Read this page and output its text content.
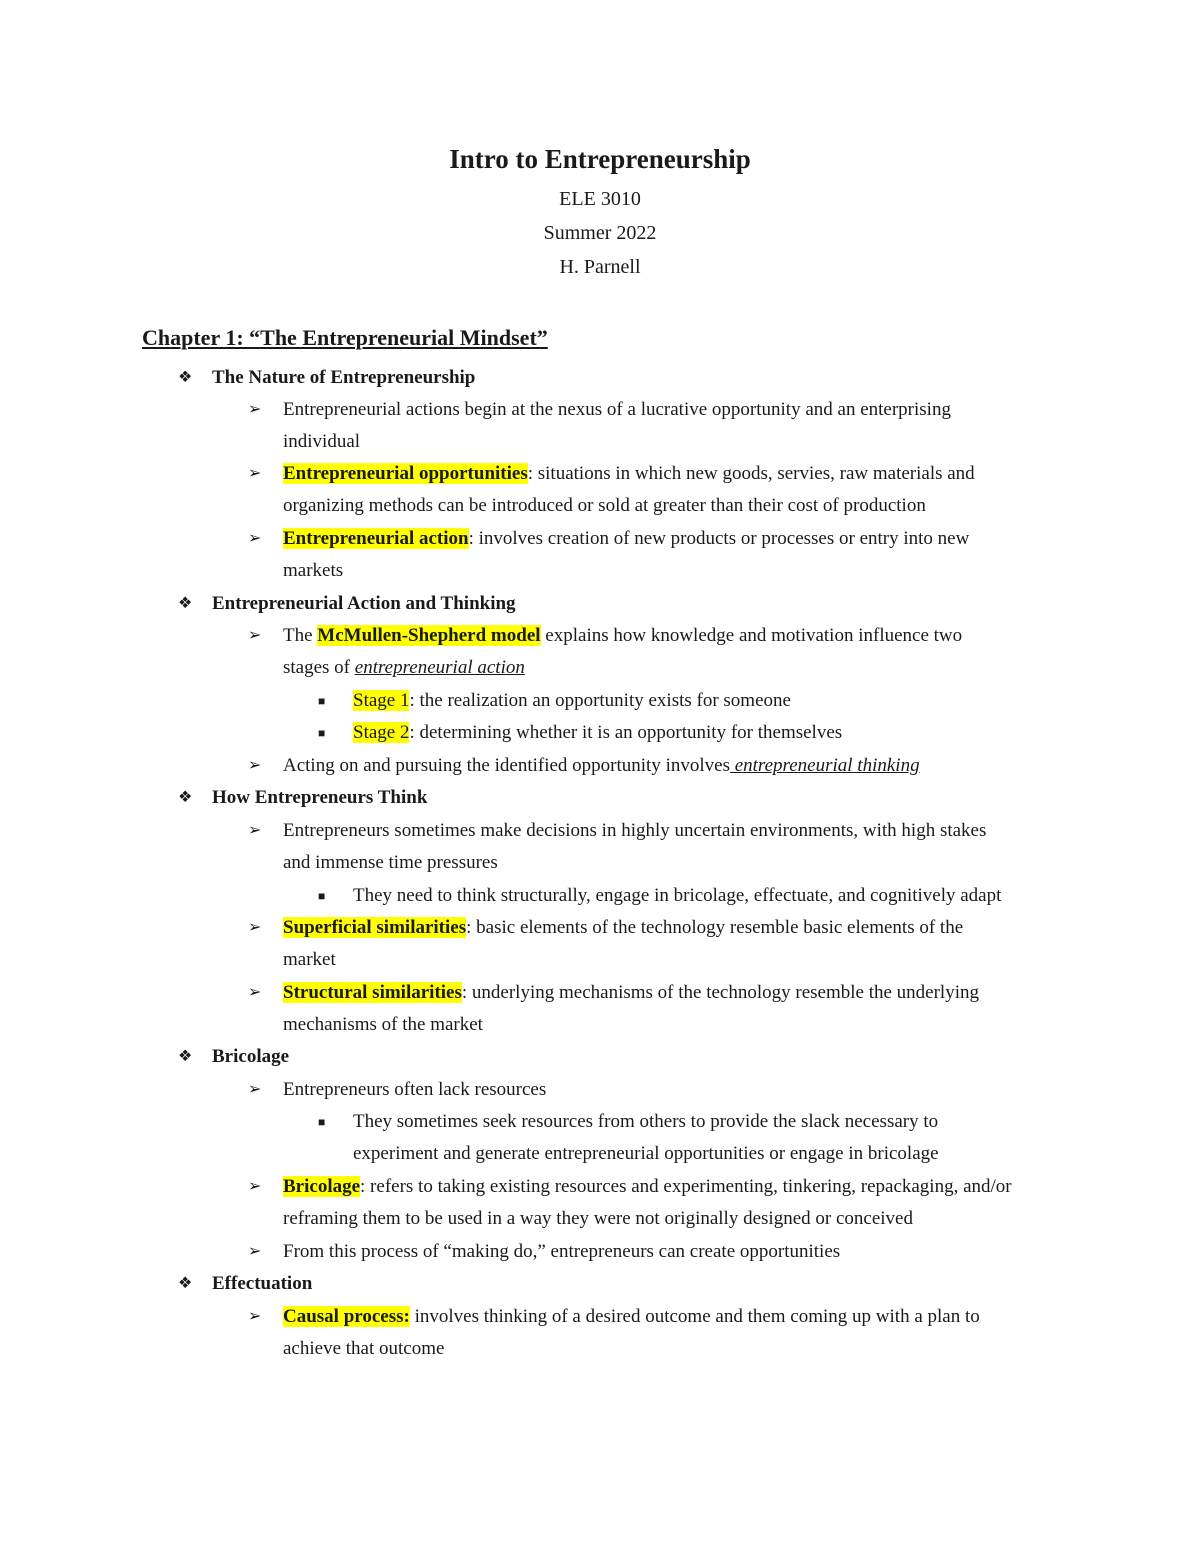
Intro to Entrepreneurship
ELE 3010
Summer 2022
H. Parnell
Chapter 1: “The Entrepreneurial Mindset”
❖ The Nature of Entrepreneurship
➢ Entrepreneurial actions begin at the nexus of a lucrative opportunity and an enterprising
individual
➢ Entrepreneurial opportunities: situations in which new goods, servies, raw materials and
organizing methods can be introduced or sold at greater than their cost of production
➢ Entrepreneurial action: involves creation of new products or processes or entry into new
markets
❖ Entrepreneurial Action and Thinking
➢ The McMullen-Shepherd model explains how knowledge and motivation influence two
stages of entrepreneurial action
■ Stage 1: the realization an opportunity exists for someone
■ Stage 2: determining whether it is an opportunity for themselves
➢ Acting on and pursuing the identified opportunity involves entrepreneurial thinking
❖ How Entrepreneurs Think
➢ Entrepreneurs sometimes make decisions in highly uncertain environments, with high stakes
and immense time pressures
■ They need to think structurally, engage in bricolage, effectuate, and cognitively adapt
➢ Superficial similarities: basic elements of the technology resemble basic elements of the
market
➢ Structural similarities: underlying mechanisms of the technology resemble the underlying
mechanisms of the market
❖ Bricolage
➢ Entrepreneurs often lack resources
■ They sometimes seek resources from others to provide the slack necessary to
experiment and generate entrepreneurial opportunities or engage in bricolage
➢ Bricolage: refers to taking existing resources and experimenting, tinkering, repackaging, and/or
reframing them to be used in a way they were not originally designed or conceived
➢ From this process of “making do,” entrepreneurs can create opportunities
❖ Effectuation
➢ Causal process: involves thinking of a desired outcome and them coming up with a plan to
achieve that outcome
